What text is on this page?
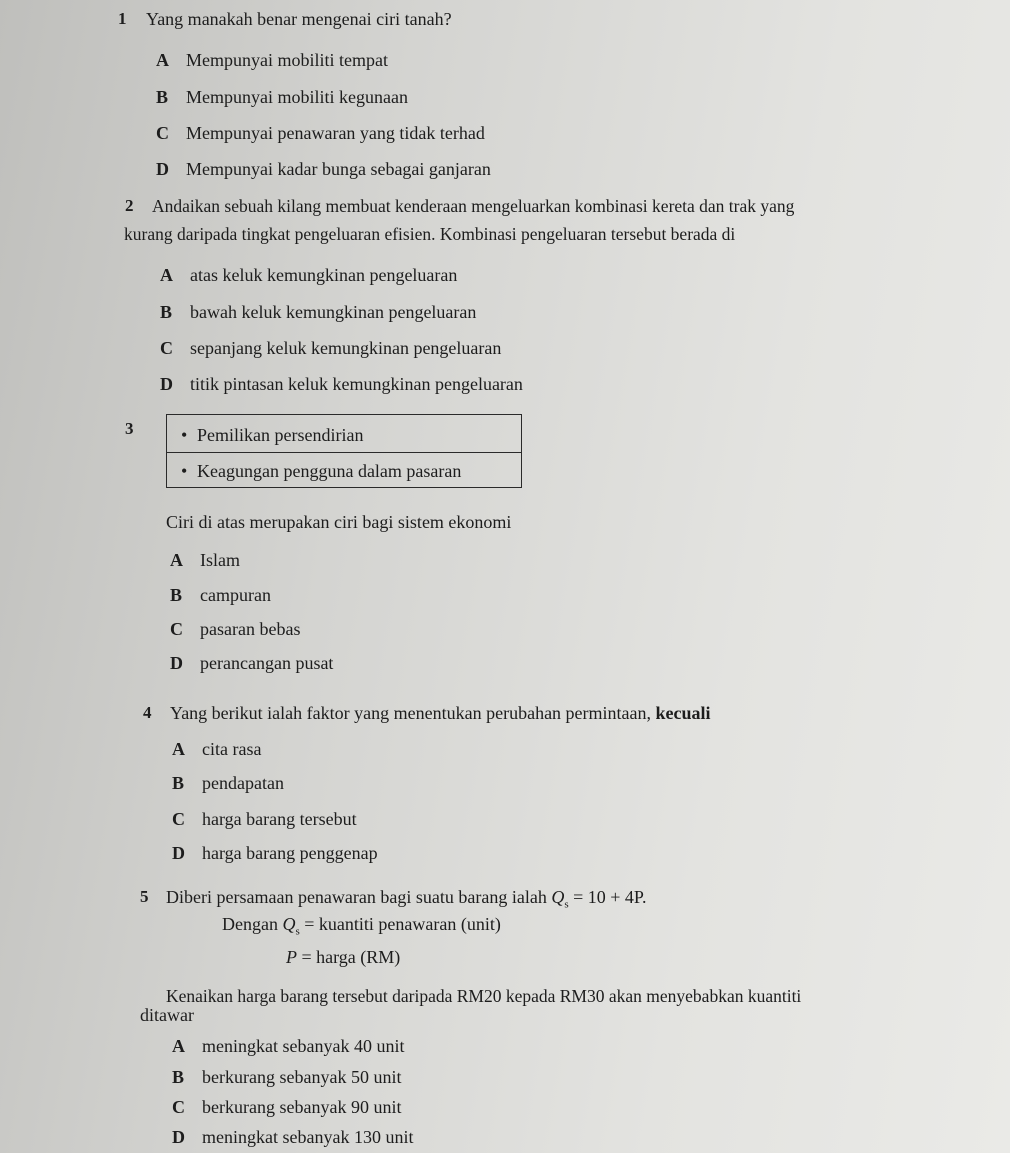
1 Yang manakah benar mengenai ciri tanah?
A Mempunyai mobiliti tempat
B Mempunyai mobiliti kegunaan
C Mempunyai penawaran yang tidak terhad
D Mempunyai kadar bunga sebagai ganjaran
2 Andaikan sebuah kilang membuat kenderaan mengeluarkan kombinasi kereta dan trak yang
kurang daripada tingkat pengeluaran efisien. Kombinasi pengeluaran tersebut berada di
A atas keluk kemungkinan pengeluaran
B bawah keluk kemungkinan pengeluaran
C sepanjang keluk kemungkinan pengeluaran
D titik pintasan keluk kemungkinan pengeluaran
3	• Pemilikan persendirian
• Keagungan pengguna dalam pasaran
Ciri di atas merupakan ciri bagi sistem ekonomi
A Islam
B campuran
C pasaran bebas
D perancangan pusat
4 Yang berikut ialah faktor yang menentukan perubahan permintaan, kecuali
A cita rasa
B pendapatan
C harga barang tersebut
D harga barang penggenap
5 Diberi persamaan penawaran bagi suatu barang ialah $Q_s = 10 + 4P$.
Dengan $Q_s$ = kuantiti penawaran (unit)
P = harga (RM)
Kenaikan harga barang tersebut daripada RM20 kepada RM30 akan menyebabkan kuantiti
ditawar
A meningkat sebanyak 40 unit
B berkurang sebanyak 50 unit
C berkurang sebanyak 90 unit
D meningkat sebanyak 130 unit
